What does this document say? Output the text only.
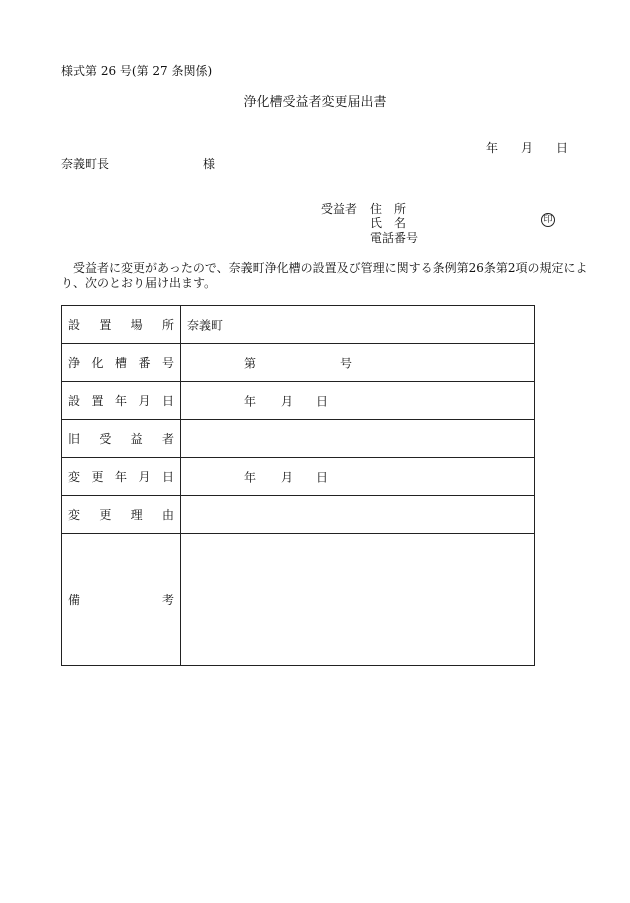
様式第 26 号(第 27 条関係)
浄化槽受益者変更届出書
年 月 日
奈義町長	様
受益者 住　所
氏　名	印
電話番号
受益者に変更があったので、奈義町浄化槽の設置及び管理に関する条例第26条第2項の規定によ
り、次のとおり届け出ます。
設 置 場 所 奈義町
浄 化 槽 番 号	第	号
設 置 年 月 日	年 月 日
旧 受 益 者
変 更 年 月 日	年 月 日
変 更 理 由
備	考
